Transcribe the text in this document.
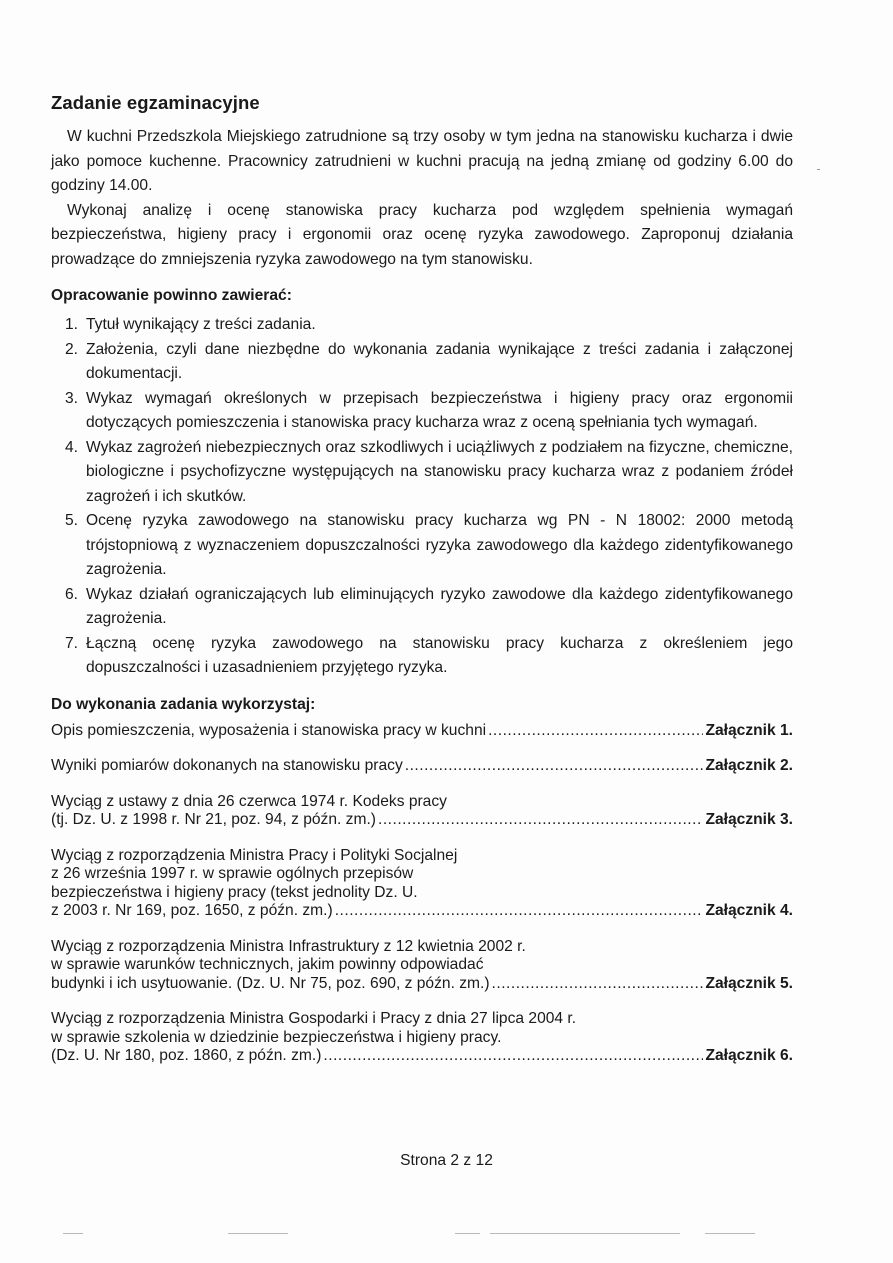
Zadanie egzaminacyjne

W kuchni Przedszkola Miejskiego zatrudnione są trzy osoby w tym jedna na stanowisku kucharza i dwie jako pomoce kuchenne. Pracownicy zatrudnieni w kuchni pracują na jedną zmianę od godziny 6.00 do godziny 14.00.

Wykonaj analizę i ocenę stanowiska pracy kucharza pod względem spełnienia wymagań bezpieczeństwa, higieny pracy i ergonomii oraz ocenę ryzyka zawodowego. Zaproponuj działania prowadzące do zmniejszenia ryzyka zawodowego na tym stanowisku.

Opracowanie powinno zawierać:
1. Tytuł wynikający z treści zadania.
2. Założenia, czyli dane niezbędne do wykonania zadania wynikające z treści zadania i załączonej dokumentacji.
3. Wykaz wymagań określonych w przepisach bezpieczeństwa i higieny pracy oraz ergonomii dotyczących pomieszczenia i stanowiska pracy kucharza wraz z oceną spełniania tych wymagań.
4. Wykaz zagrożeń niebezpiecznych oraz szkodliwych i uciążliwych z podziałem na fizyczne, chemiczne, biologiczne i psychofizyczne występujących na stanowisku pracy kucharza wraz z podaniem źródeł zagrożeń i ich skutków.
5. Ocenę ryzyka zawodowego na stanowisku pracy kucharza wg PN - N 18002: 2000 metodą trójstopniową z wyznaczeniem dopuszczalności ryzyka zawodowego dla każdego zidentyfikowanego zagrożenia.
6. Wykaz działań ograniczających lub eliminujących ryzyko zawodowe dla każdego zidentyfikowanego zagrożenia.
7. Łączną ocenę ryzyka zawodowego na stanowisku pracy kucharza z określeniem jego dopuszczalności i uzasadnieniem przyjętego ryzyka.
Do wykonania zadania wykorzystaj:
Opis pomieszczenia, wyposażenia i stanowiska pracy w kuchni .....	Załącznik 1.
Wyniki pomiarów dokonanych na stanowisku pracy .....	Załącznik 2.
Wyciąg z ustawy z dnia 26 czerwca 1974 r. Kodeks pracy
(tj. Dz. U. z 1998 r. Nr 21, poz. 94, z późn. zm.) .....	Załącznik 3.
Wyciąg z rozporządzenia Ministra Pracy i Polityki Socjalnej
z 26 września 1997 r. w sprawie ogólnych przepisów
bezpieczeństwa i higieny pracy (tekst jednolity Dz. U.
z 2003 r. Nr 169, poz. 1650, z późn. zm.) .....	Załącznik 4.
Wyciąg z rozporządzenia Ministra Infrastruktury z 12 kwietnia 2002 r.
w sprawie warunków technicznych, jakim powinny odpowiadać
budynki i ich usytuowanie. (Dz. U. Nr 75, poz. 690, z późn. zm.) .....	Załącznik 5.
Wyciąg z rozporządzenia Ministra Gospodarki i Pracy z dnia 27 lipca 2004 r.
w sprawie szkolenia w dziedzinie bezpieczeństwa i higieny pracy.
(Dz. U. Nr 180, poz. 1860, z późn. zm.) .....	Załącznik 6.
Strona 2 z 12
